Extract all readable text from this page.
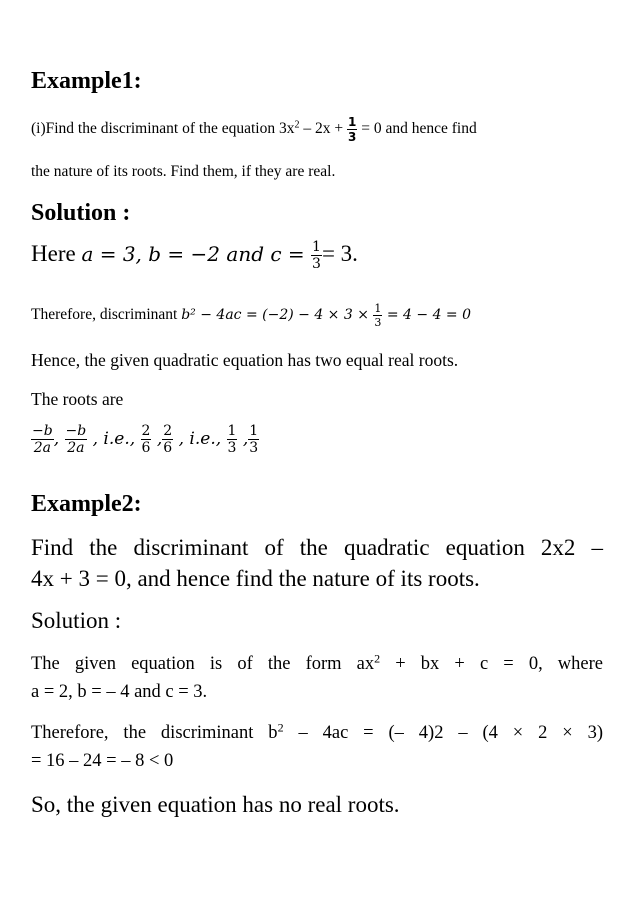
Example1:
(i)Find the discriminant of the equation $3x^2 - 2x + \frac{1}{3} = 0$ and hence find
the nature of its roots. Find them, if they are real.
Solution :
Here a = 3, b = −2 and $c = \frac{1}{3} = 3$.
Therefore, discriminant $b^2 - 4ac = (-2) - 4 \times 3 \times \frac{1}{3} = 4 - 4 = 0$
Hence, the given quadratic equation has two equal real roots.
The roots are
$\frac{-b}{2a}$ , $\frac{-b}{2a}$ , i.e., $\frac{2}{6}$ , $\frac{2}{6}$ , i.e., $\frac{1}{3}$ , $\frac{1}{3}$
Example2:
Find the discriminant of the quadratic equation 2x2 –
4x + 3 = 0, and hence find the nature of its roots.
Solution :
The given equation is of the form $ax^2$ + bx + c = 0, where
a = 2, b = – 4 and c = 3.
Therefore, the discriminant $b^2 - 4ac$ = (– 4)2 – (4 × 2 × 3)
= 16 – 24 = – 8 < 0
So, the given equation has no real roots.
